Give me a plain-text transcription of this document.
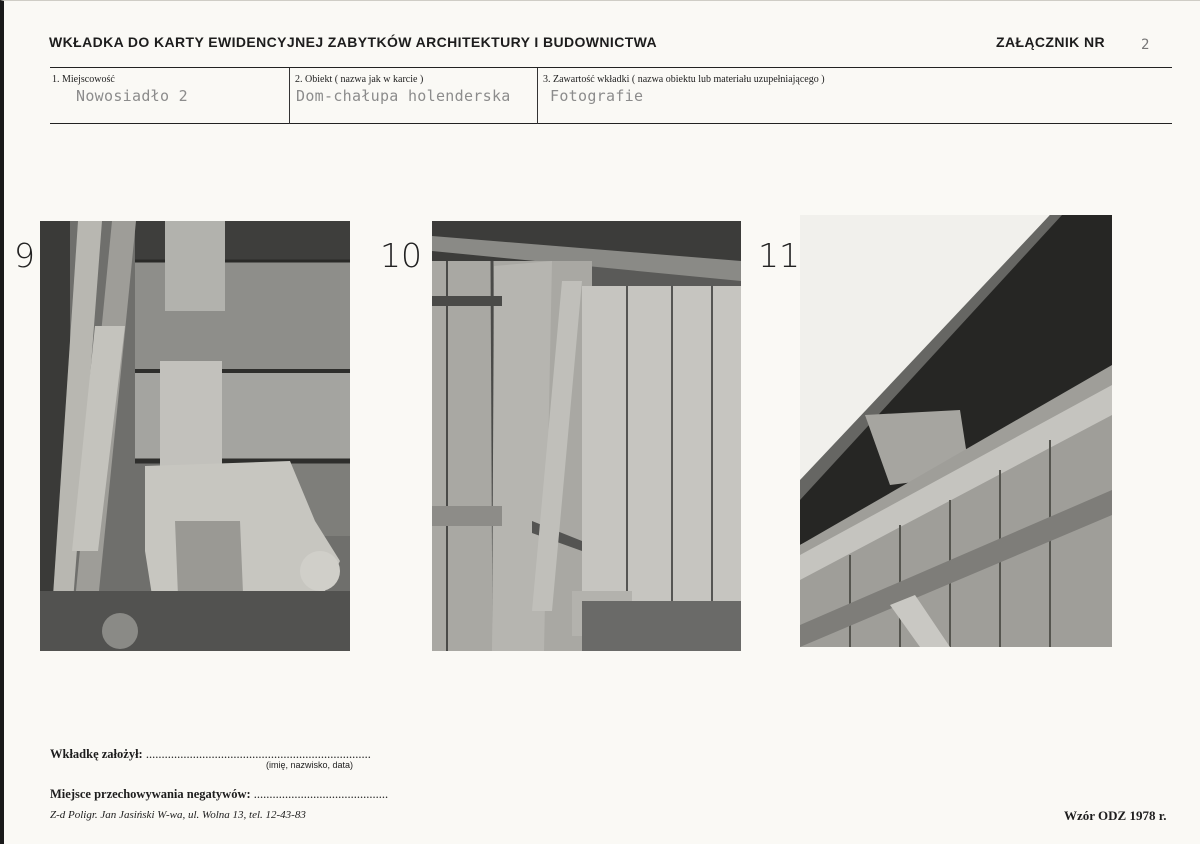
WKŁADKA DO KARTY EWIDENCYJNEJ ZABYTKÓW ARCHITEKTURY I BUDOWNICTWA	ZAŁĄCZNIK NR	2
1. Miejscowość
Nowosiadło 2
2. Obiekt ( nazwa jak w karcie )
Dom-chałupa holenderska
3. Zawartość wkładki ( nazwa obiektu lub materiału uzupełniającego )
Fotografie
9	10	11
Wkładkę założył: ........................................................................
(imię, nazwisko, data)
Miejsce przechowywania negatywów: ...........................................
Z-d Poligr. Jan Jasiński W-wa, ul. Wolna 13, tel. 12-43-83	Wzór ODZ 1978 r.
